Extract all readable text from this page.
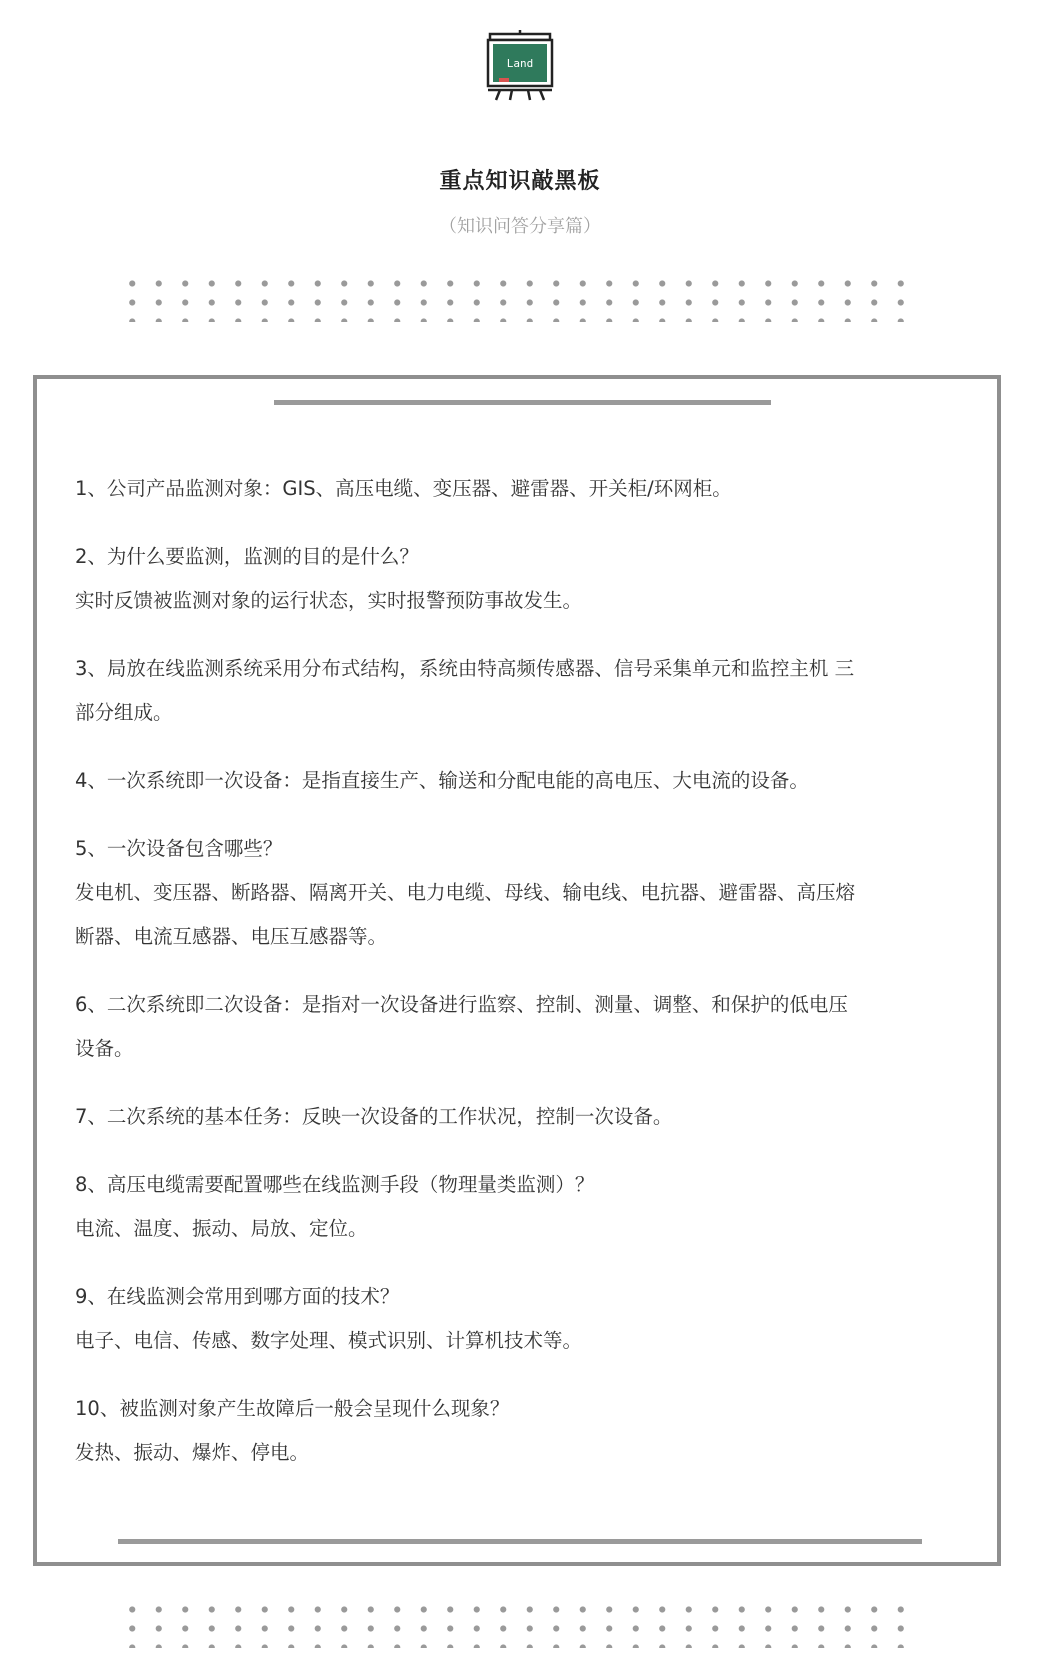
Land
重点知识敲黑板
（知识问答分享篇）

1、公司产品监测对象：GIS、高压电缆、变压器、避雷器、开关柜/环网柜。

2、为什么要监测，监测的目的是什么？

实时反馈被监测对象的运行状态，实时报警预防事故发生。

3、局放在线监测系统采用分布式结构，系统由特高频传感器、信号采集单元和监控主机 三

部分组成。

4、一次系统即一次设备：是指直接生产、输送和分配电能的高电压、大电流的设备。

5、一次设备包含哪些？

发电机、变压器、断路器、隔离开关、电力电缆、母线、输电线、电抗器、避雷器、高压熔

断器、电流互感器、电压互感器等。

6、二次系统即二次设备：是指对一次设备进行监察、控制、测量、调整、和保护的低电压

设备。

7、二次系统的基本任务：反映一次设备的工作状况，控制一次设备。

8、高压电缆需要配置哪些在线监测手段（物理量类监测）？

电流、温度、振动、局放、定位。

9、在线监测会常用到哪方面的技术？

电子、电信、传感、数字处理、模式识别、计算机技术等。

10、被监测对象产生故障后一般会呈现什么现象？

发热、振动、爆炸、停电。
